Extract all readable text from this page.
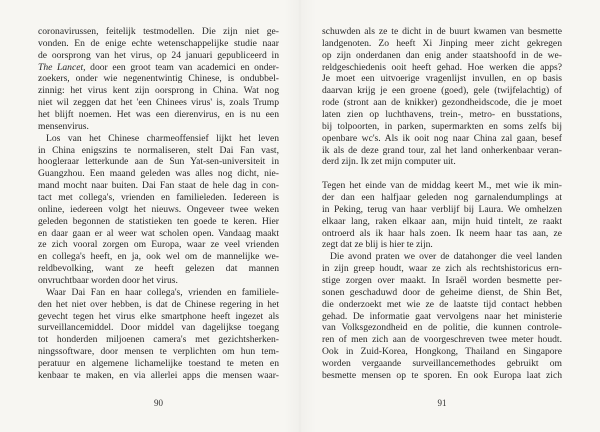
coronavirussen, feitelijk testmodellen. Die zijn niet ge-
vonden. En de enige echte wetenschappelijke studie naar
de oorsprong van het virus, op 24 januari gepubliceerd in
The Lancet, door een groot team van academici en onder-
zoekers, onder wie negenentwintig Chinese, is ondubbel-
zinnig: het virus kent zijn oorsprong in China. Wat nog
niet wil zeggen dat het 'een Chinees virus' is, zoals Trump
het blijft noemen. Het was een dierenvirus, en is nu een
mensenvirus.
Los van het Chinese charmeoffensief lijkt het leven
in China enigszins te normaliseren, stelt Dai Fan vast,
hoogleraar letterkunde aan de Sun Yat-sen-universiteit in
Guangzhou. Een maand geleden was alles nog dicht, nie-
mand mocht naar buiten. Dai Fan staat de hele dag in con-
tact met collega's, vrienden en familieleden. Iedereen is
online, iedereen volgt het nieuws. Ongeveer twee weken
geleden begonnen de statistieken ten goede te keren. Hier
en daar gaan er al weer wat scholen open. Vandaag maakt
ze zich vooral zorgen om Europa, waar ze veel vrienden
en collega's heeft, en ja, ook wel om de mannelijke we-
reldbevolking, want ze heeft gelezen dat mannen
onvruchtbaar worden door het virus.
Waar Dai Fan en haar collega's, vrienden en familiele-
den het niet over hebben, is dat de Chinese regering in het
gevecht tegen het virus elke smartphone heeft ingezet als
surveillancemiddel. Door middel van dagelijkse toegang
tot honderden miljoenen camera's met gezichtsherken-
ningssoftware, door mensen te verplichten om hun tem-
peratuur en algemene lichamelijke toestand te meten en
kenbaar te maken, en via allerlei apps die mensen waar-
90
schuwden als ze te dicht in de buurt kwamen van besmette
landgenoten. Zo heeft Xi Jinping meer zicht gekregen
op zijn onderdanen dan enig ander staatshoofd in de we-
reldgeschiedenis ooit heeft gehad. Hoe werken die apps?
Je moet een uitvoerige vragenlijst invullen, en op basis
daarvan krijg je een groene (goed), gele (twijfelachtig) of
rode (stront aan de knikker) gezondheidscode, die je moet
laten zien op luchthavens, trein-, metro- en busstations,
bij tolpoorten, in parken, supermarkten en soms zelfs bij
openbare wc's. Als ik ooit nog naar China zal gaan, besef
ik als de deze grand tour, zal het land onherkenbaar veran-
derd zijn. Ik zet mijn computer uit.
Tegen het einde van de middag keert M., met wie ik min-
der dan een halfjaar geleden nog garnalendumplings at
in Peking, terug van haar verblijf bij Laura. We omhelzen
elkaar lang, raken elkaar aan, mijn huid tintelt, ze raakt
ontroerd als ik haar hals zoen. Ik neem haar tas aan, ze
zegt dat ze blij is hier te zijn.
Die avond praten we over de datahonger die veel landen
in zijn greep houdt, waar ze zich als rechtshistoricus ern-
stige zorgen over maakt. In Israël worden besmette per-
sonen geschaduwd door de geheime dienst, de Shin Bet,
die onderzoekt met wie ze de laatste tijd contact hebben
gehad. De informatie gaat vervolgens naar het ministerie
van Volksgezondheid en de politie, die kunnen controle-
ren of men zich aan de voorgeschreven twee meter houdt.
Ook in Zuid-Korea, Hongkong, Thailand en Singapore
worden vergaande surveillancemethodes gebruikt om
besmette mensen op te sporen. En ook Europa laat zich
91
